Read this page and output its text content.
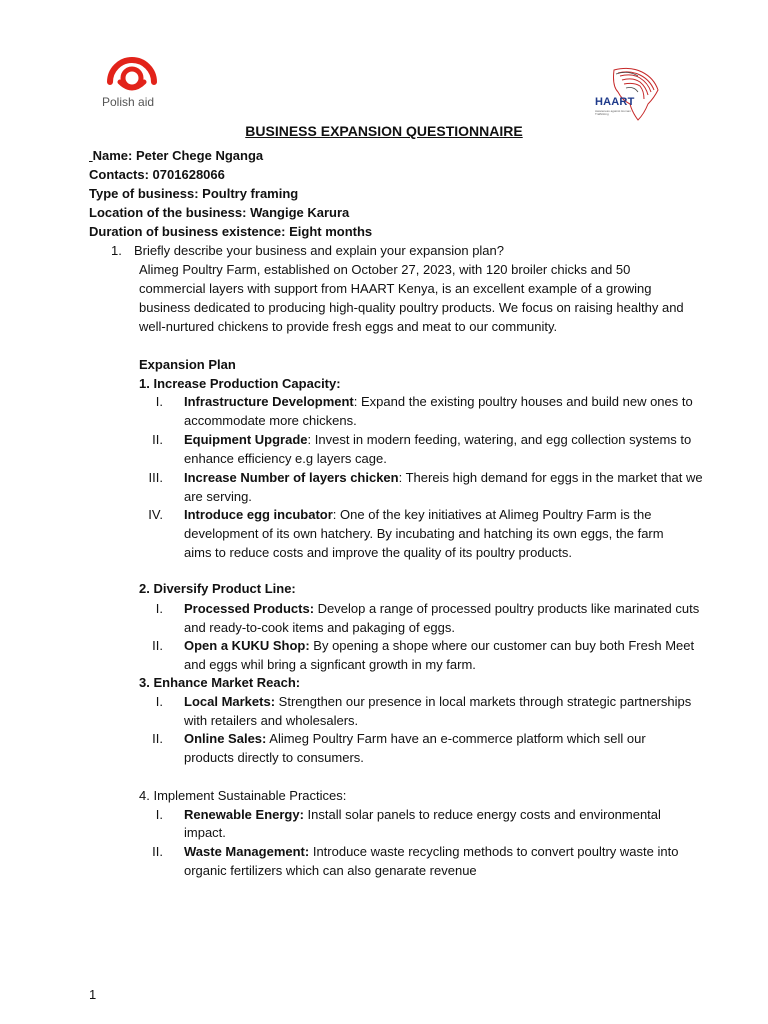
Polish aid	HAART
Awareness against Human Trafficking
BUSINESS EXPANSION QUESTIONNAIRE
Name: Peter Chege Nganga
Contacts: 0701628066
Type of business: Poultry framing
Location of the business: Wangige Karura
Duration of business existence: Eight months
1. Briefly describe your business and explain your expansion plan?
Alimeg Poultry Farm, established on October 27, 2023, with 120 broiler chicks and 50
commercial layers with support from HAART Kenya, is an excellent example of a growing
business dedicated to producing high-quality poultry products. We focus on raising healthy and
well-nurtured chickens to provide fresh eggs and meat to our community.
Expansion Plan
1. Increase Production Capacity:
I. Infrastructure Development: Expand the existing poultry houses and build new ones to
accommodate more chickens.
II. Equipment Upgrade: Invest in modern feeding, watering, and egg collection systems to
enhance efficiency e.g layers cage.
III. Increase Number of layers chicken: Thereis high demand for eggs in the market that we
are serving.
IV. Introduce egg incubator: One of the key initiatives at Alimeg Poultry Farm is the
development of its own hatchery. By incubating and hatching its own eggs, the farm
aims to reduce costs and improve the quality of its poultry products.
2. Diversify Product Line:
I. Processed Products: Develop a range of processed poultry products like marinated cuts
and ready-to-cook items and pakaging of eggs.
II. Open a KUKU Shop: By opening a shope where our customer can buy both Fresh Meet
and eggs whil bring a signficant growth in my farm.
3. Enhance Market Reach:
I. Local Markets: Strengthen our presence in local markets through strategic partnerships
with retailers and wholesalers.
II. Online Sales: Alimeg Poultry Farm have an e-commerce platform which sell our
products directly to consumers.
4. Implement Sustainable Practices:
I. Renewable Energy: Install solar panels to reduce energy costs and environmental
impact.
II. Waste Management: Introduce waste recycling methods to convert poultry waste into
organic fertilizers which can also genarate revenue
1
